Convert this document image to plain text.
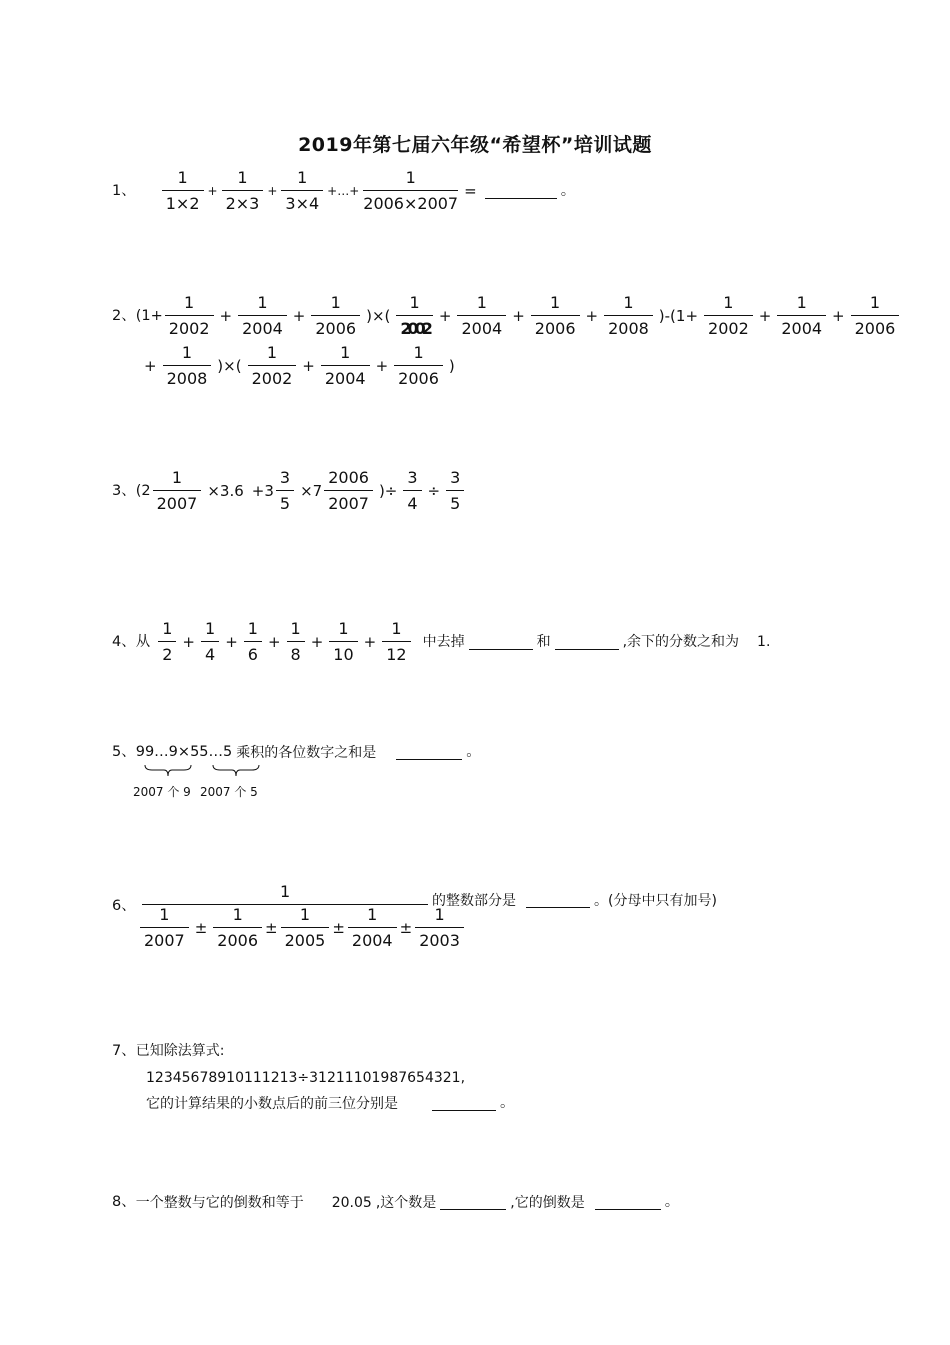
2019年第七届六年级“希望杯”培训试题
1、 $\frac{1}{1\times 2} + \frac{1}{2\times 3} + \frac{1}{3\times 4}$ +…+ $\frac{1}{2006\times 2007}$ =	。
2、 ($1+ \frac{1}{2002} + \frac{1}{2004} + \frac{1}{2006}$ )×( $\frac{1}{2002} + \frac{1}{2004} + \frac{1}{2006} + \frac{1}{2008} )-(1+ \frac{1}{2002} + \frac{1}{2004} + \frac{1}{2006}$
+ $\frac{1}{2008}$ )×( $\frac{1}{2002} + \frac{1}{2004} + \frac{1}{2006}$ )
3、 ($2 \frac{1}{2007} \times 3.6 +3 \frac{3}{5} \times 7 \frac{2006}{2007}$ )÷ $\frac{3}{4} \div \frac{3}{5}$
4、 从 $\frac{1}{2} + \frac{1}{4} + \frac{1}{6} + \frac{1}{8} + \frac{1}{10} + \frac{1}{12}$ 中去掉	和	,余下的分数之和为 1.
5、 99…9 × 55…5 乘积的各位数字之和是	。
2007 个 9 2007 个 5
6、
1
$\frac{1}{2007} \pm \frac{1}{2006} \pm \frac{1}{2005} \pm \frac{1}{2004} \pm \frac{1}{2003}$
的整数部分是	。(分母中只有加号)
7、 已知除法算式:
12345678910111213÷31211101987654321,
它的计算结果的小数点后的前三位分别是	。
8、 一个整数与它的倒数和等于 20.05 ,这个数是	,它的倒数是	。
